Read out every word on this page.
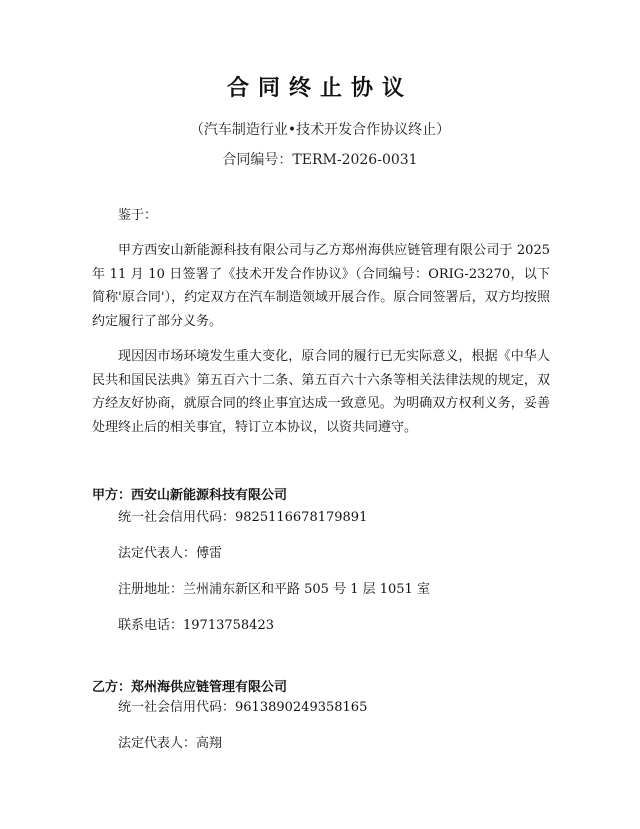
合同终止协议
（汽车制造行业•技术开发合作协议终止）
合同编号：TERM-2026-0031
鉴于：

甲方西安山新能源科技有限公司与乙方郑州海供应链管理有限公司于 2025 年 11 月 10 日签署了《技术开发合作协议》（合同编号：ORIG-23270，以下简称'原合同'），约定双方在汽车制造领域开展合作。原合同签署后，双方均按照约定履行了部分义务。

现因因市场环境发生重大变化，原合同的履行已无实际意义，根据《中华人民共和国民法典》第五百六十二条、第五百六十六条等相关法律法规的规定，双方经友好协商，就原合同的终止事宜达成一致意见。为明确双方权利义务，妥善处理终止后的相关事宜，特订立本协议，以资共同遵守。

甲方：西安山新能源科技有限公司
统一社会信用代码：9825116678179891
法定代表人：傅雷
注册地址：兰州浦东新区和平路 505 号 1 层 1051 室
联系电话：19713758423
乙方：郑州海供应链管理有限公司
统一社会信用代码：9613890249358165
法定代表人：高翔
